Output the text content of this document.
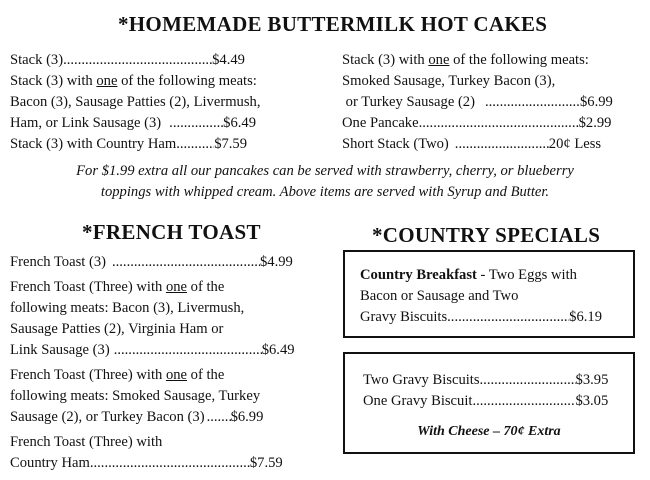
*HOMEMADE BUTTERMILK HOT CAKES
Stack (3) .....	$4.49
Stack (3) with one of the following meats:
Bacon (3), Sausage Patties (2), Livermush,
Ham, or Link Sausage (3) .....	$6.49
Stack (3) with Country Ham .....	$7.59
Stack (3) with one of the following meats:
Smoked Sausage, Turkey Bacon (3),
or Turkey Sausage (2) .....	$6.99
One Pancake .....	$2.99
Short Stack (Two) .....	20¢ Less
For $1.99 extra all our pancakes can be served with strawberry, cherry, or blueberry
toppings with whipped cream. Above items are served with Syrup and Butter.
*FRENCH TOAST
French Toast (3) .....	$4.99
French Toast (Three) with one of the
following meats: Bacon (3), Livermush,
Sausage Patties (2), Virginia Ham or
Link Sausage (3) .....	$6.49
French Toast (Three) with one of the
following meats: Smoked Sausage, Turkey
Sausage (2), or Turkey Bacon (3) ..... $6.99
French Toast (Three) with
Country Ham .....	$7.59
*COUNTRY SPECIALS
Country Breakfast - Two Eggs with
Bacon or Sausage and Two
Gravy Biscuits .....	$6.19
Two Gravy Biscuits .....	$3.95
One Gravy Biscuit .....	$3.05
With Cheese – 70¢ Extra
